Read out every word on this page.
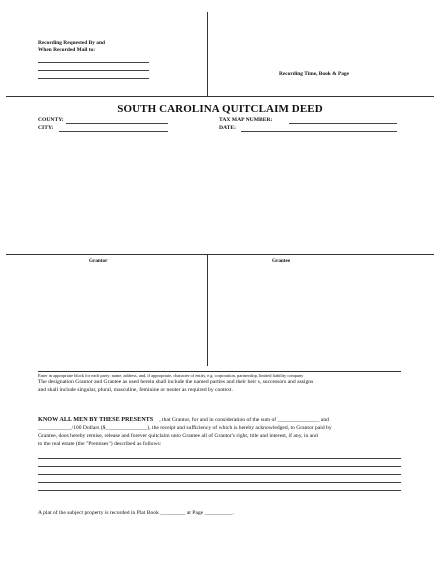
Recording Requested By and
When Recorded Mail to:
Recording Time, Book & Page
SOUTH CAROLINA QUITCLAIM DEED
COUNTY:
CITY:
TAX MAP NUMBER:
DATE:
Grantor	Grantee
Enter in appropriate block for each party: name, address, and, if appropriate, character of entity, e.g. corporation, partnership, limited liability company
The designation Grantor and Grantee as used herein shall include the named parties and their heir s, successors and assigns
and shall include singular, plural, masculine, feminine or neuter as required by context.
KNOW ALL MEN BY THESE PRESENTS , that Grantor, for and in consideration of the sum of _______________ and
____________/100 Dollars ($_______________), the receipt and sufficiency of which is hereby acknowledged, to Grantor paid by
Grantee, does hereby remise, release and forever quitclaim unto Grantee all of Grantor's right, title and interest, if any, in and
to the real estate (the "Premises") described as follows:
A plat of the subject property is recorded in Plat Book _________ at Page __________.
